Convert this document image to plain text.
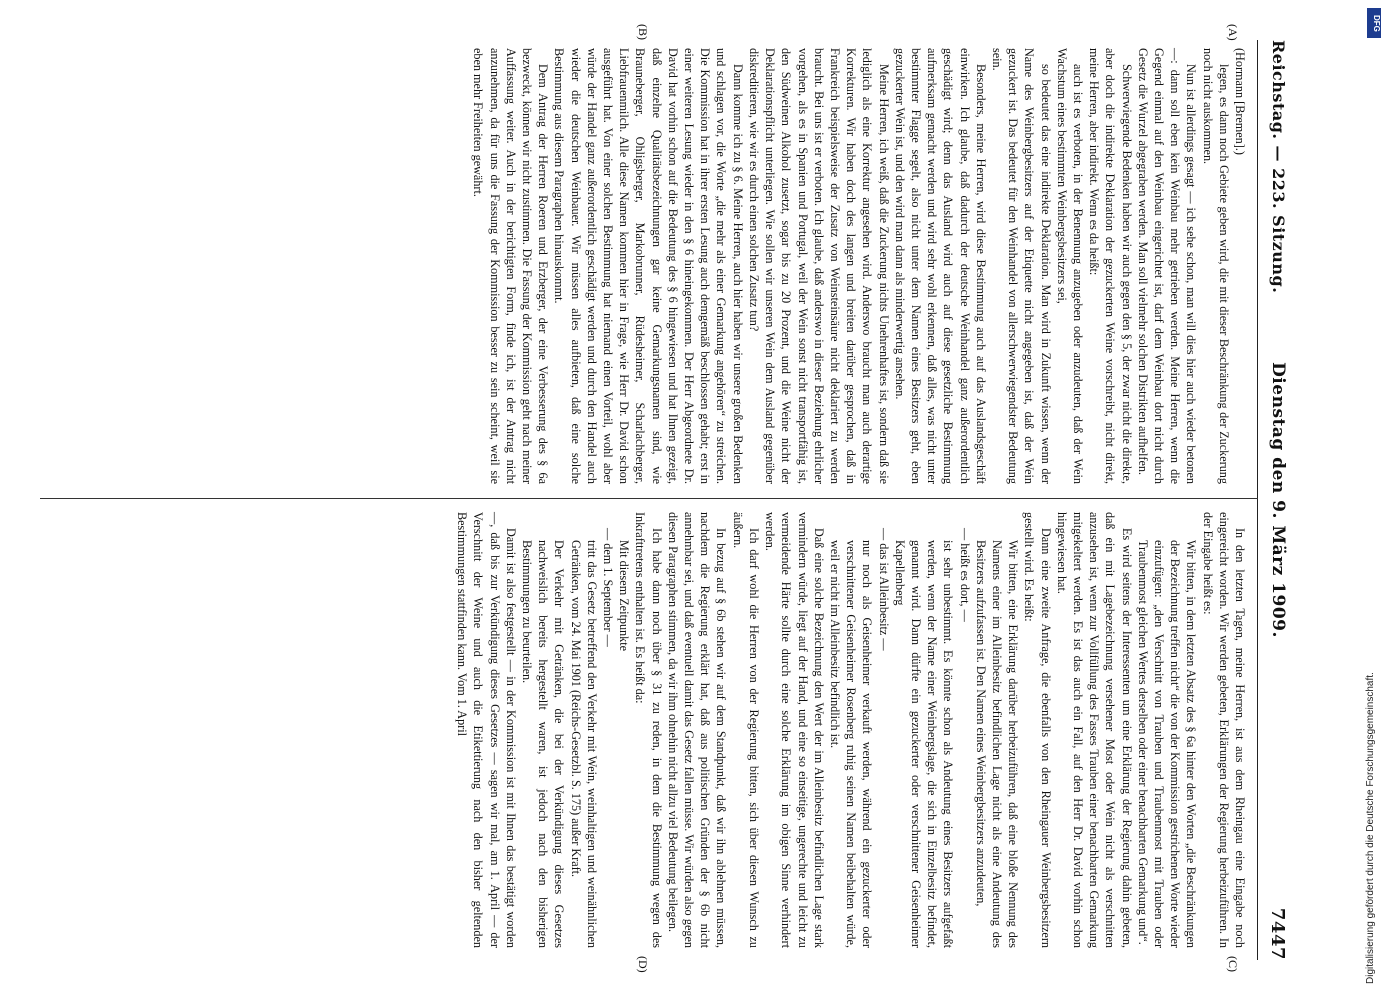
Reichstag. — 223. Sitzung.
Dienstag den 9. März 1909.
7447
(A)
(B)
(C)
(D)

(Hormann [Bremen].)

legen, es dann noch Gebiete geben wird, die mit dieser Beschränkung der Zuckerung noch nicht auskommen.

Nun ist allerdings gesagt — ich sehe schon, man will dies hier auch wieder betonen —: dann soll eben kein Weinbau mehr getrieben werden. Meine Herren, wenn die Gegend einmal auf den Weinbau eingerichtet ist, darf dem Weinbau dort nicht durch Gesetz die Wurzel abgegraben werden. Man soll vielmehr solchen Distrikten aufhelfen.

Schwerwiegende Bedenken haben wir auch gegen den § 5, der zwar nicht die direkte, aber doch die indirekte Deklaration der gezuckerten Weine vorschreibt, nicht direkt, meine Herren, aber indirekt. Wenn es da heißt:

auch ist es verboten, in der Benennung anzugeben oder anzudeuten, daß der Wein Wachstum eines bestimmten Weinbergsbesitzers sei,

so bedeutet das eine indirekte Deklaration. Man wird in Zukunft wissen, wenn der Name des Weinbergbesitzers auf der Etiquette nicht angegeben ist, daß der Wein gezuckert ist. Das bedeutet für den Weinhandel von allerschwerwiegendster Bedeutung sein.

Besonders, meine Herren, wird diese Bestimmung auch auf das Auslandsgeschäft einwirken. Ich glaube, daß dadurch der deutsche Weinhandel ganz außerordentlich geschädigt wird; denn das Ausland wird auch auf diese gesetzliche Bestimmung aufmerksam gemacht werden und wird sehr wohl erkennen, daß alles, was nicht unter bestimmter Flagge segelt, also nicht unter dem Namen eines Besitzers geht, eben gezuckerter Wein ist, und den wird man dann als minderwertig ansehen.

Meine Herren, ich weiß, daß die Zuckerung nichts Unehrenhaftes ist, sondern daß sie lediglich als eine Korrektur angesehen wird. Anderswo braucht man auch derartige Korrekturen. Wir haben doch des langen und breiten darüber gesprochen, daß in Frankreich beispielsweise der Zusatz von Weinsteinsäure nicht deklariert zu werden braucht. Bei uns ist er verboten. Ich glaube, daß anderswo in dieser Beziehung ehrlicher vorgehen, als es in Spanien und Portugal, weil der Wein sonst nicht transportfähig ist, den Südweinen Alkohol zusetzt, sogar bis zu 20 Prozent, und die Weine nicht der Deklarationspflicht unterliegen. Wie sollen wir unseren Wein dem Ausland gegenüber diskreditieren, wie wir es durch einen solchen Zusatz tun?

Dann komme ich zu § 6. Meine Herren, auch hier haben wir unsere großen Bedenken und schlagen vor, die Worte „die mehr als einer Gemarkung angehören“ zu streichen. Die Kommission hat in ihrer ersten Lesung auch demgemäß beschlossen gehabt; erst in einer weiteren Lesung wieder in den § 6 hineingekommen. Der Herr Abgeordnete Dr. David hat vorhin schon auf die Bedeutung des § 6 hingewiesen und hat Ihnen gezeigt, daß einzelne Qualitätsbezeichnungen gar keine Gemarkungsnamen sind, wie Brauneberger, Ohligsberger, Markobrunner, Rüdesheimer, Scharlachberger, Liebfrauenmilch. Alle diese Namen kommen hier in Frage, wie Herr Dr. David schon ausgeführt hat. Von einer solchen Bestimmung hat niemand einen Vorteil, wohl aber würde der Handel ganz außerordentlich geschädigt werden und durch den Handel auch wieder die deutschen Weinbauer. Wir müssen alles aufbieten, daß eine solche Bestimmung aus diesem Paragraphen hinauskommt.

Dem Antrag der Herren Roeren und Erzberger, der eine Verbesserung des § 6a bezweckt, können wir nicht zustimmen. Die Fassung der Kommission geht nach meiner Auffassung weiter. Auch in der berichtigten Form, finde ich, ist der Antrag nicht anzunehmen, da für uns die Fassung der Kommission besser zu sein scheint, weil sie eben mehr Freiheiten gewährt.

In den letzten Tagen, meine Herren, ist aus dem Rheingau eine Eingabe noch eingereicht worden. Wir werden gebeten, Erklärungen der Regierung herbeizuführen. In der Eingabe heißt es:

Wir bitten, in dem letzten Absatz des § 6a hinter den Worten „die Beschränkungen der Bezeichnung treffen nicht“ die von der Kommission gestrichenen Worte wieder einzufügen: „den Verschnitt von Trauben und Traubenmost mit Trauben oder Traubenmost gleichen Wertes derselben oder einer benachbarten Gemarkung und“.

Es wird seitens der Interessenten um eine Erklärung der Regierung dahin gebeten, daß ein mit Lagebezeichnung versehener Most oder Wein nicht als verschnitten anzusehen ist, wenn zur Vollfüllung des Fasses Trauben einer benachbarten Gemarkung mitgekeltert werden. Es ist das auch ein Fall, auf den Herr Dr. David vorhin schon hingewiesen hat.

Dann eine zweite Anfrage, die ebenfalls von den Rheingauer Weinbergsbesitzern gestellt wird. Es heißt:

Wir bitten, eine Erklärung darüber herbeizuführen, daß eine bloße Nennung des Namens einer im Alleinbesitz befindlichen Lage nicht als eine Andeutung des Besitzers aufzufassen ist. Den Namen eines Weinbergbesitzers anzudeuten,

— heißt es dort, —

ist sehr unbestimmt. Es könnte schon als Andeutung eines Besitzers aufgefaßt werden, wenn der Name einer Weinbergslage, die sich in Einzelbesitz befindet, genannt wird. Dann dürfte ein gezuckerter oder verschnittener Geisenheimer Kapellenberg

— das ist Alleinbesitz —

nur noch als Geisenheimer verkauft werden, während ein gezuckerter oder verschnittener Geisenheimer Rosenberg ruhig seinen Namen beibehalten würde, weil er nicht im Alleinbesitz befindlich ist.

Daß eine solche Bezeichnung den Wert der im Alleinbesitz befindlichen Lage stark vermindern würde, liegt auf der Hand, und eine so einseitige, ungerechte und leicht zu vermeidende Härte sollte durch eine solche Erklärung im obigen Sinne verhindert werden.

Ich darf wohl die Herren von der Regierung bitten, sich über diesen Wunsch zu äußern.

In bezug auf § 6b stehen wir auf dem Standpunkt, daß wir ihn ablehnen müssen, nachdem die Regierung erklärt hat, daß aus politischen Gründen der § 6b nicht annehmbar sei, und daß eventuell damit das Gesetz fallen müsse. Wir würden also gegen diesen Paragraphen stimmen, da wir ihm ohnehin nicht allzu viel Bedeutung beilegen.

Ich habe dann noch über § 31 zu reden, in dem die Bestimmung wegen des Inkrafttretens enthalten ist. Es heißt da:

Mit diesem Zeitpunkte

— dem 1. September —

tritt das Gesetz betreffend den Verkehr mit Wein, weinhaltigen und weinähnlichen Getränken, vom 24. Mai 1901 (Reichs-Gesetzbl. S. 175) außer Kraft.

Der Verkehr mit Getränken, die bei der Verkündigung dieses Gesetzes nachweislich bereits hergestellt waren, ist jedoch nach den bisherigen Bestimmungen zu beurteilen.

Damit ist also festgestellt — in der Kommission ist mit Ihnen das bestätigt worden —, daß bis zur Verkündigung dieses Gesetzes — sagen wir mal, am 1. April — der Verschnitt der Weine und auch die Etikettierung nach den bisher geltenden Bestimmungen stattfinden kann. Vom 1. April

DFG
Digitalisierung gefördert durch die Deutsche Forschungsgemeinschaft.
